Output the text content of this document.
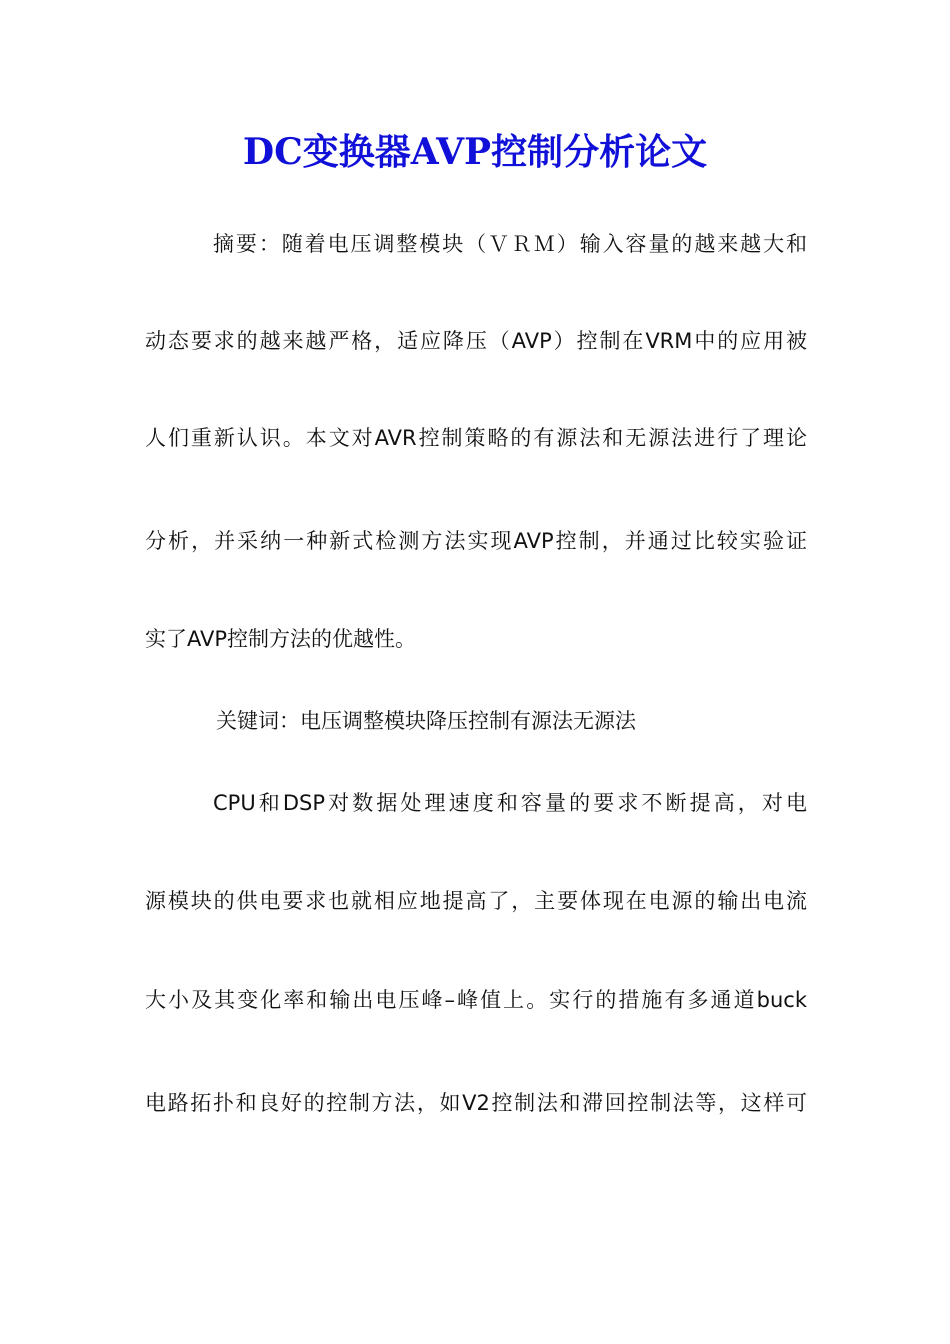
DC变换器AVP控制分析论文
摘要：随着电压调整模块（ＶＲＭ）输入容量的越来越大和
动态要求的越来越严格，适应降压（AVP）控制在VRM中的应用被
人们重新认识。本文对AVR控制策略的有源法和无源法进行了理论
分析，并采纳一种新式检测方法实现AVP控制，并通过比较实验证
实了AVP控制方法的优越性。
关键词：电压调整模块降压控制有源法无源法
CPU和DSP对数据处理速度和容量的要求不断提高，对电
源模块的供电要求也就相应地提高了，主要体现在电源的输出电流
大小及其变化率和输出电压峰–峰值上。实行的措施有多通道buck
电路拓扑和良好的控制方法，如V2控制法和滞回控制法等，这样可
